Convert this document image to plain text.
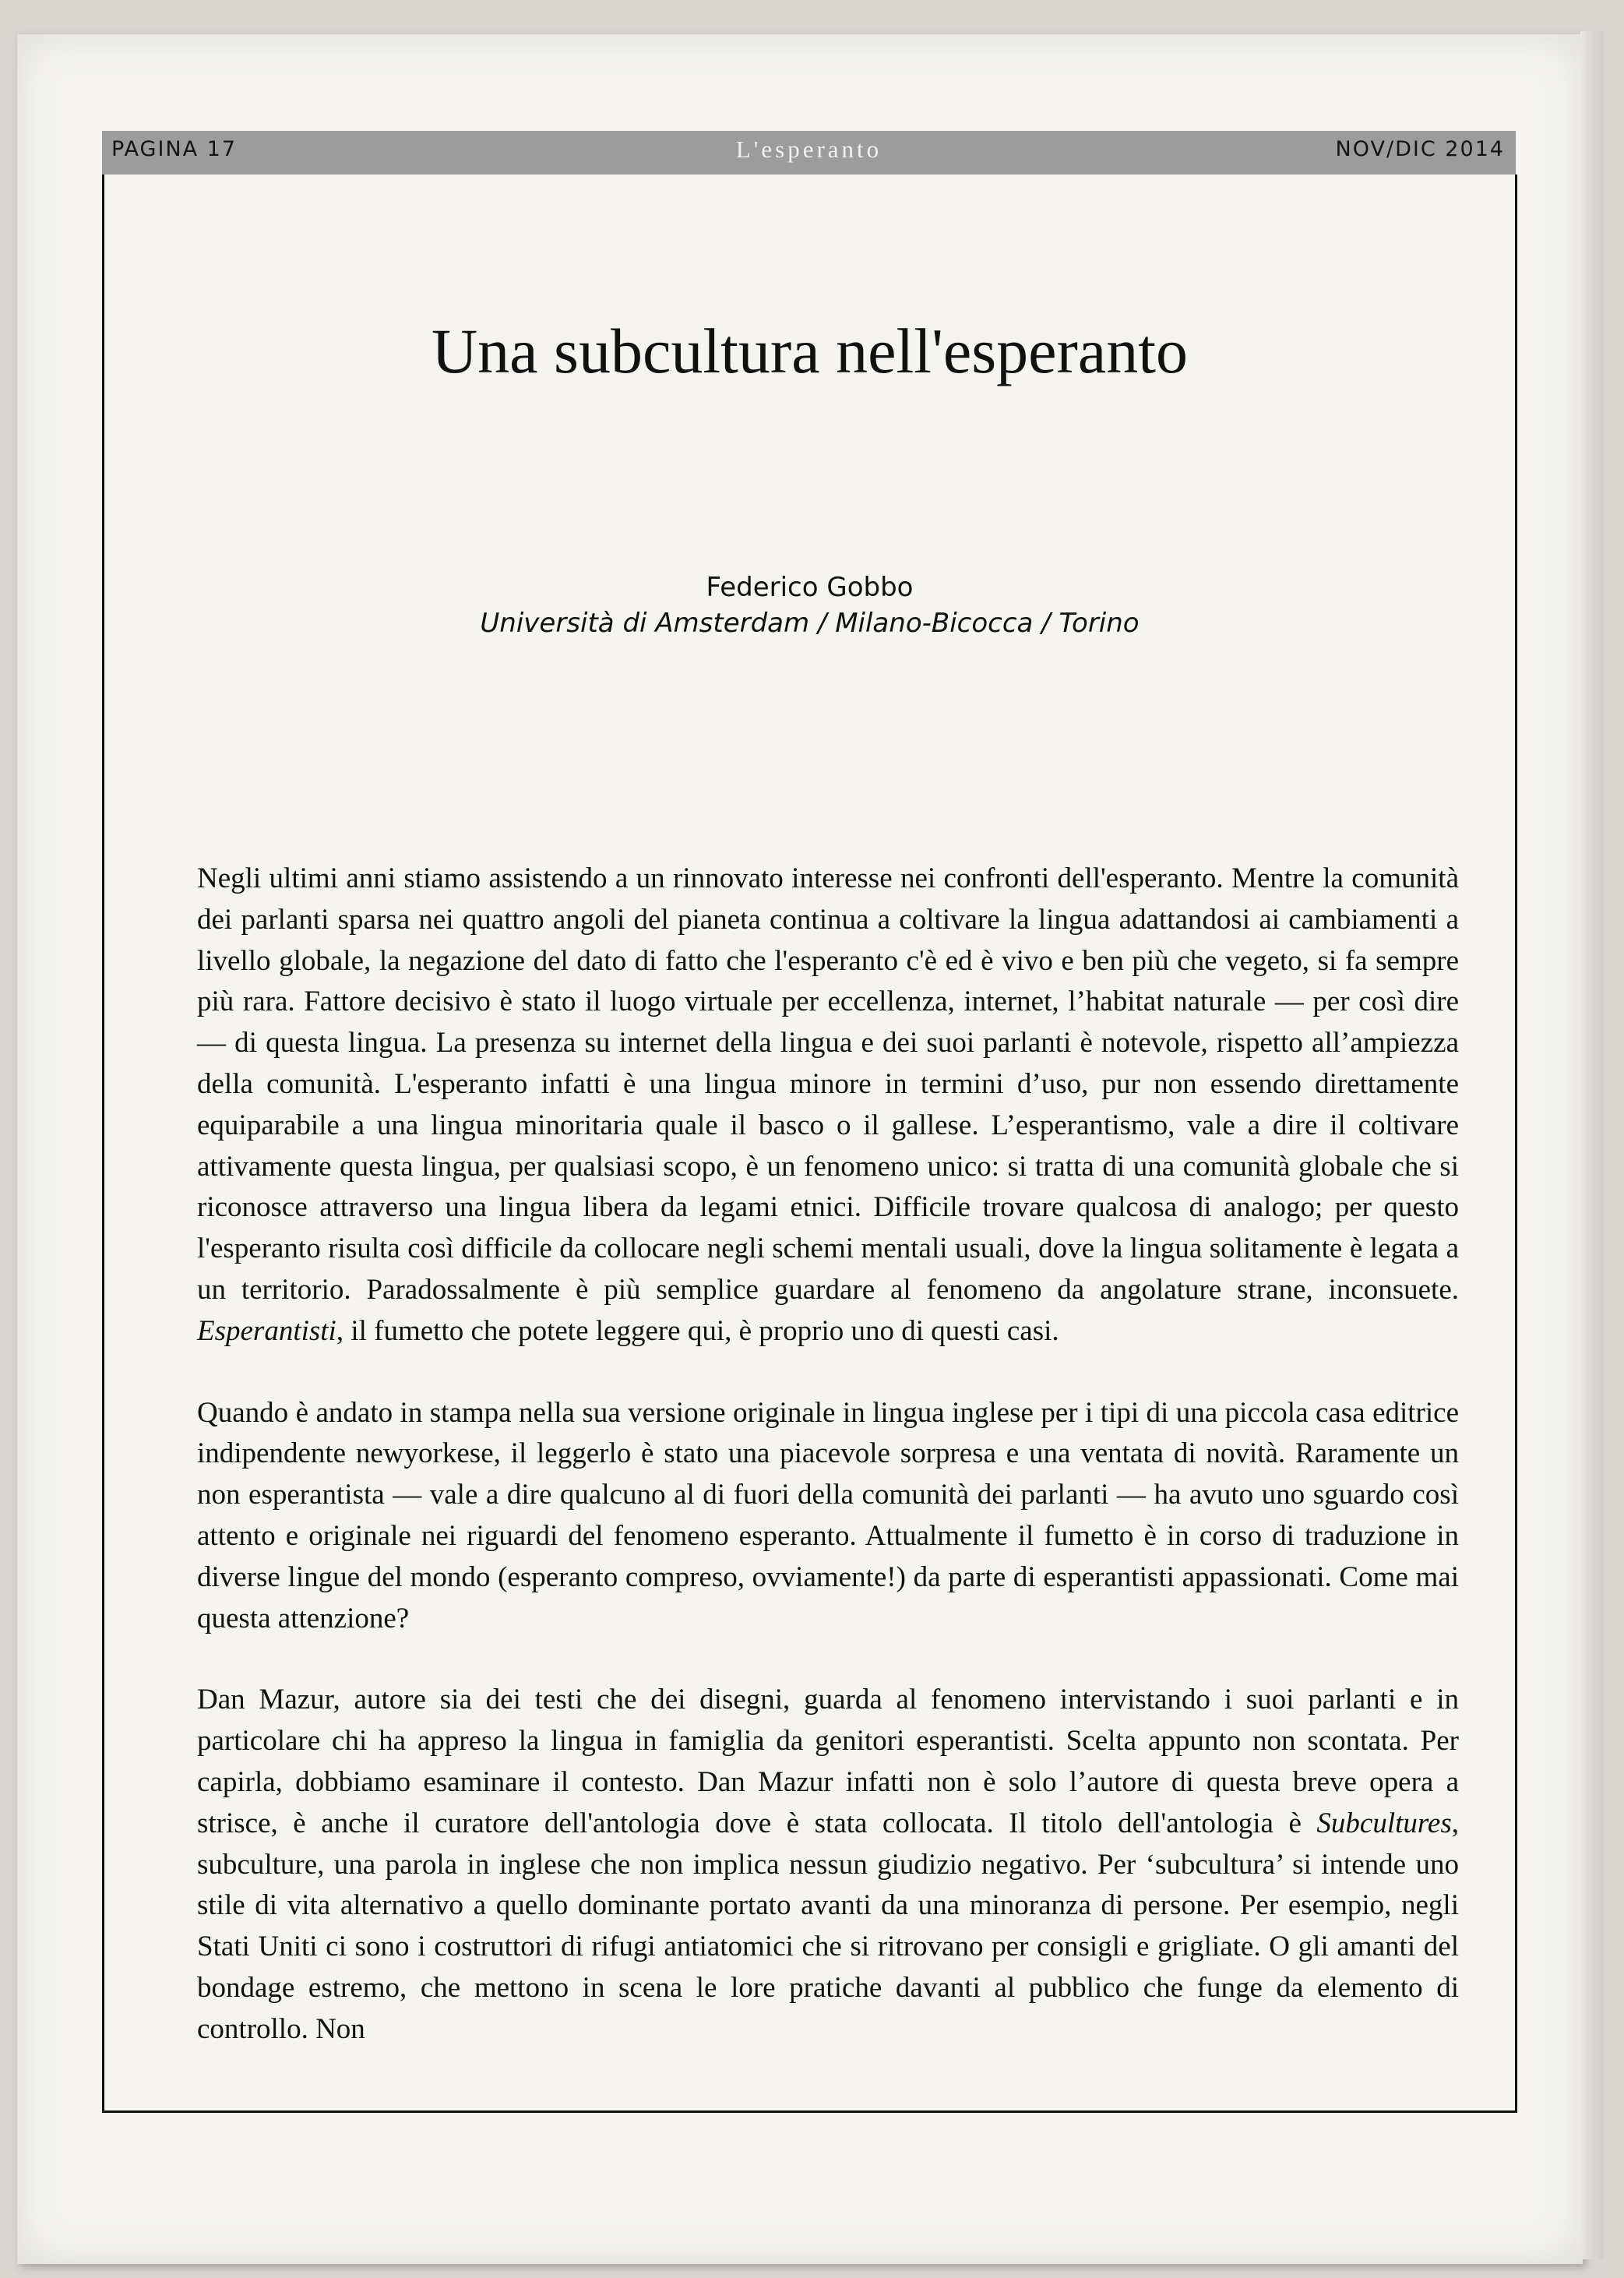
PAGINA 17	L'esperanto	NOV/DIC 2014
Una subcultura nell'esperanto
Federico Gobbo
Università di Amsterdam / Milano-Bicocca / Torino

Negli ultimi anni stiamo assistendo a un rinnovato interesse nei confronti dell'esperanto. Mentre la comunità dei parlanti sparsa nei quattro angoli del pianeta continua a coltivare la lingua adattandosi ai cambiamenti a livello globale, la negazione del dato di fatto che l'esperanto c'è ed è vivo e ben più che vegeto, si fa sempre più rara. Fattore decisivo è stato il luogo virtuale per eccellenza, internet, l’habitat naturale — per così dire — di questa lingua. La presenza su internet della lingua e dei suoi parlanti è notevole, rispetto all’ampiezza della comunità. L'esperanto infatti è una lingua minore in termini d’uso, pur non essendo direttamente equiparabile a una lingua minoritaria quale il basco o il gallese. L’esperantismo, vale a dire il coltivare attivamente questa lingua, per qualsiasi scopo, è un fenomeno unico: si tratta di una comunità globale che si riconosce attraverso una lingua libera da legami etnici. Difficile trovare qualcosa di analogo; per questo l'esperanto risulta così difficile da collocare negli schemi mentali usuali, dove la lingua solitamente è legata a un territorio. Paradossalmente è più semplice guardare al fenomeno da angolature strane, inconsuete. Esperantisti, il fumetto che potete leggere qui, è proprio uno di questi casi.

Quando è andato in stampa nella sua versione originale in lingua inglese per i tipi di una piccola casa editrice indipendente newyorkese, il leggerlo è stato una piacevole sorpresa e una ventata di novità. Raramente un non esperantista — vale a dire qualcuno al di fuori della comunità dei parlanti — ha avuto uno sguardo così attento e originale nei riguardi del fenomeno esperanto. Attualmente il fumetto è in corso di traduzione in diverse lingue del mondo (esperanto compreso, ovviamente!) da parte di esperantisti appassionati. Come mai questa attenzione?

Dan Mazur, autore sia dei testi che dei disegni, guarda al fenomeno intervistando i suoi parlanti e in particolare chi ha appreso la lingua in famiglia da genitori esperantisti. Scelta appunto non scontata. Per capirla, dobbiamo esaminare il contesto. Dan Mazur infatti non è solo l’autore di questa breve opera a strisce, è anche il curatore dell'antologia dove è stata collocata. Il titolo dell'antologia è Subcultures, subculture, una parola in inglese che non implica nessun giudizio negativo. Per ‘subcultura’ si intende uno stile di vita alternativo a quello dominante portato avanti da una minoranza di persone. Per esempio, negli Stati Uniti ci sono i costruttori di rifugi antiatomici che si ritrovano per consigli e grigliate. O gli amanti del bondage estremo, che mettono in scena le lore pratiche davanti al pubblico che funge da elemento di controllo. Non
